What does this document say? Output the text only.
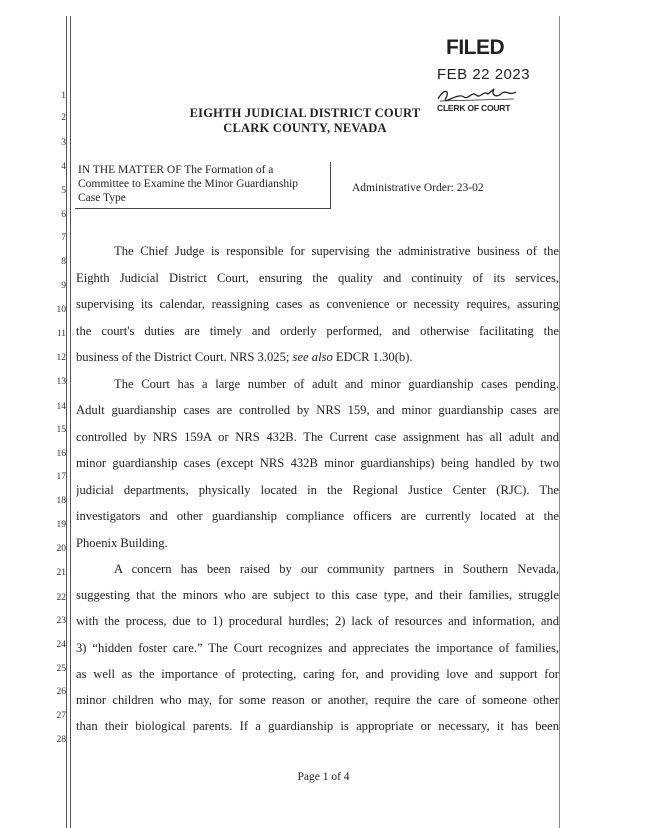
1
2
3
4
5
6
7
8
9
10
11
12
13
14
15
16
17
18
19
20
21
22
23
24
25
26
27
28
FILED
FEB 22 2023
CLERK OF COURT
EIGHTH JUDICIAL DISTRICT COURT
CLARK COUNTY, NEVADA
IN THE MATTER OF The Formation of a
Committee to Examine the Minor Guardianship
Case Type
Administrative Order: 23-02
The Chief Judge is responsible for supervising the administrative business of the
Eighth Judicial District Court, ensuring the quality and continuity of its services,
supervising its calendar, reassigning cases as convenience or necessity requires, assuring
the court's duties are timely and orderly performed, and otherwise facilitating the
business of the District Court. NRS 3.025; see also EDCR 1.30(b).
The Court has a large number of adult and minor guardianship cases pending.
Adult guardianship cases are controlled by NRS 159, and minor guardianship cases are
controlled by NRS 159A or NRS 432B. The Current case assignment has all adult and
minor guardianship cases (except NRS 432B minor guardianships) being handled by two
judicial departments, physically located in the Regional Justice Center (RJC). The
investigators and other guardianship compliance officers are currently located at the
Phoenix Building.
A concern has been raised by our community partners in Southern Nevada,
suggesting that the minors who are subject to this case type, and their families, struggle
with the process, due to 1) procedural hurdles; 2) lack of resources and information, and
3) “hidden foster care.” The Court recognizes and appreciates the importance of families,
as well as the importance of protecting, caring for, and providing love and support for
minor children who may, for some reason or another, require the care of someone other
than their biological parents. If a guardianship is appropriate or necessary, it has been
Page 1 of 4
